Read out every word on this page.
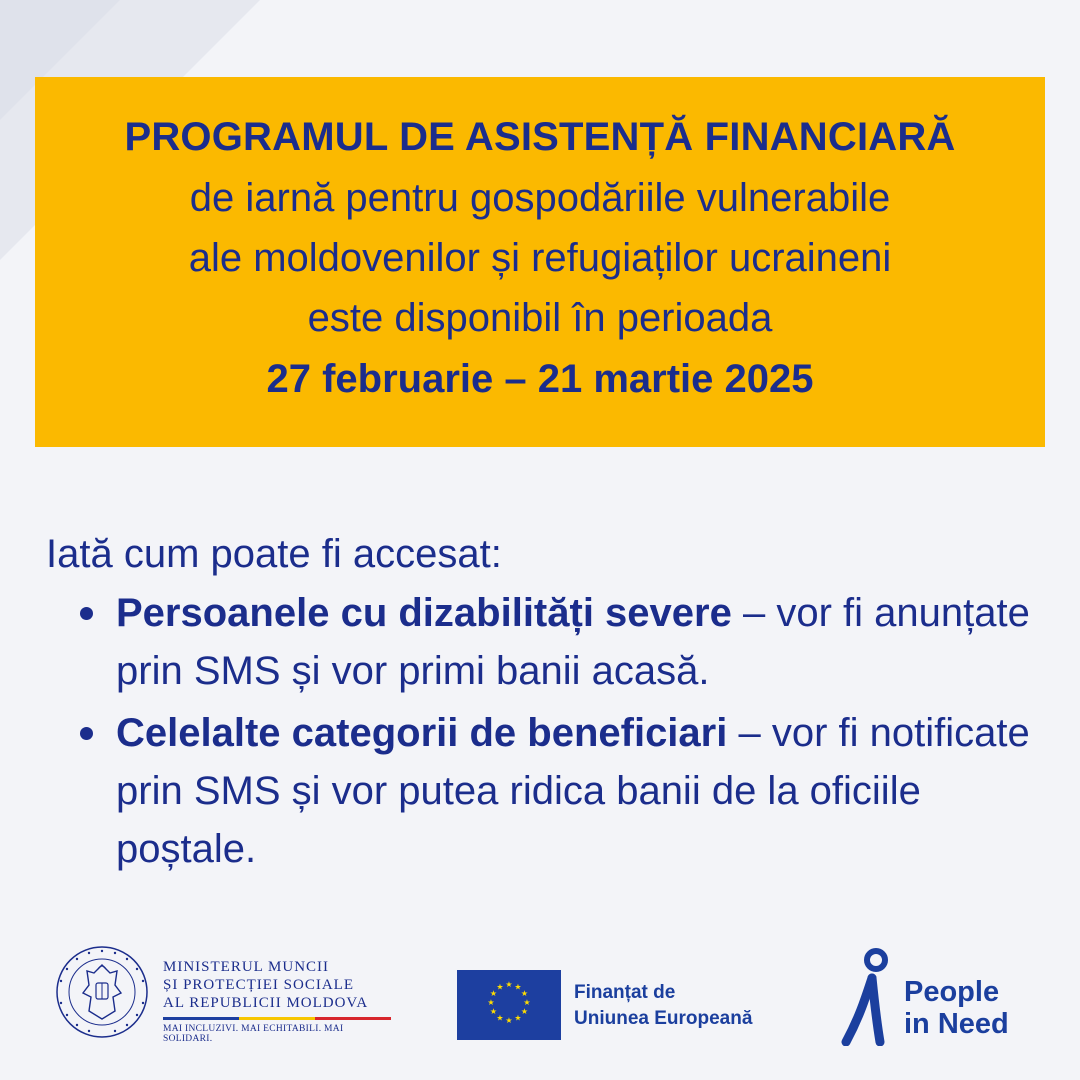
PROGRAMUL DE ASISTENȚĂ FINANCIARĂ
de iarnă pentru gospodăriile vulnerabile
ale moldovenilor și refugiaților ucraineni
este disponibil în perioada
27 februarie – 21 martie 2025

Iată cum poate fi accesat:

Persoanele cu dizabilități severe – vor fi anunțate prin SMS și vor primi banii acasă.
Celelalte categorii de beneficiari – vor fi notificate prin SMS și vor putea ridica banii de la oficiile poștale.
MINISTERUL MUNCII
ȘI PROTECȚIEI SOCIALE
AL REPUBLICII MOLDOVA
MAI INCLUZIVI. MAI ECHITABILI. MAI SOLIDARI.
★ ★
★
★
★
★
★
★
★
★
★
★	Finanțat de
Uniunea Europeană
People
in Need
